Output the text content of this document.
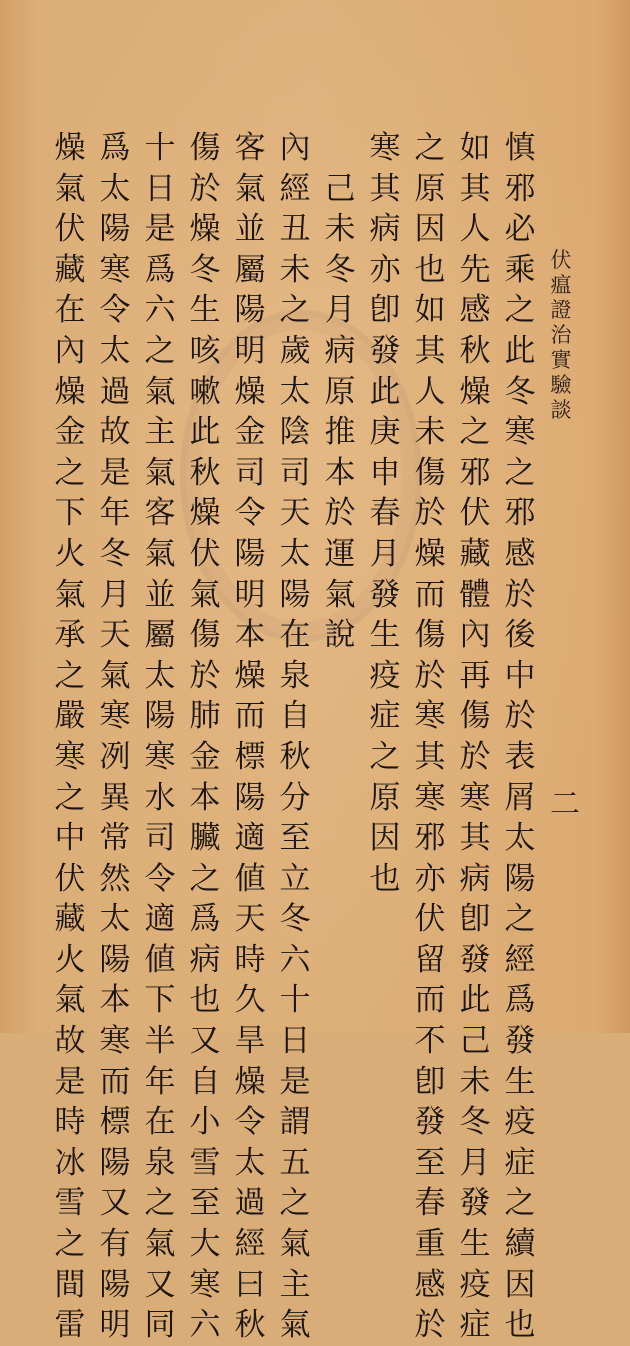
伏
瘟
證
治
實
驗
談
二
慎
邪
必
乘
之
此
冬
寒
之
邪
感
於
後
中
於
表
屑
太
陽
之
經
爲
發
生
疫
症
之
續
因
也
如
其
人
先
感
秋
燥
之
邪
伏
藏
體
內
再
傷
於
寒
其
病
卽
發
此
己
未
冬
月
發
生
疫
症
之
原
因
也
如
其
人
未
傷
於
燥
而
傷
於
寒
其
寒
邪
亦
伏
留
而
不
卽
發
至
春
重
感
於
寒
其
病
亦
卽
發
此
庚
申
春
月
發
生
疫
症
之
原
因
也

己
未
冬
月
病
原
推
本
於
運
氣
說
內
經
丑
未
之
歲
太
陰
司
天
太
陽
在
泉
自
秋
分
至
立
冬
六
十
日
是
謂
五
之
氣
主
氣
客
氣
並
屬
陽
明
燥
金
司
令
陽
明
本
燥
而
標
陽
適
値
天
時
久
旱
燥
令
太
過
經
曰
秋
傷
於
燥
冬
生
咳
嗽
此
秋
燥
伏
氣
傷
於
肺
金
本
臟
之
爲
病
也
又
自
小
雪
至
大
寒
六
十
日
是
爲
六
之
氣
主
氣
客
氣
並
屬
太
陽
寒
水
司
令
適
値
下
半
年
在
泉
之
氣
又
同
爲
太
陽
寒
令
太
過
故
是
年
冬
月
天
氣
寒
冽
異
常
然
太
陽
本
寒
而
標
陽
又
有
陽
明
燥
氣
伏
藏
在
內
燥
金
之
下
火
氣
承
之
嚴
寒
之
中
伏
藏
火
氣
故
是
時
冰
雪
之
間
雷
